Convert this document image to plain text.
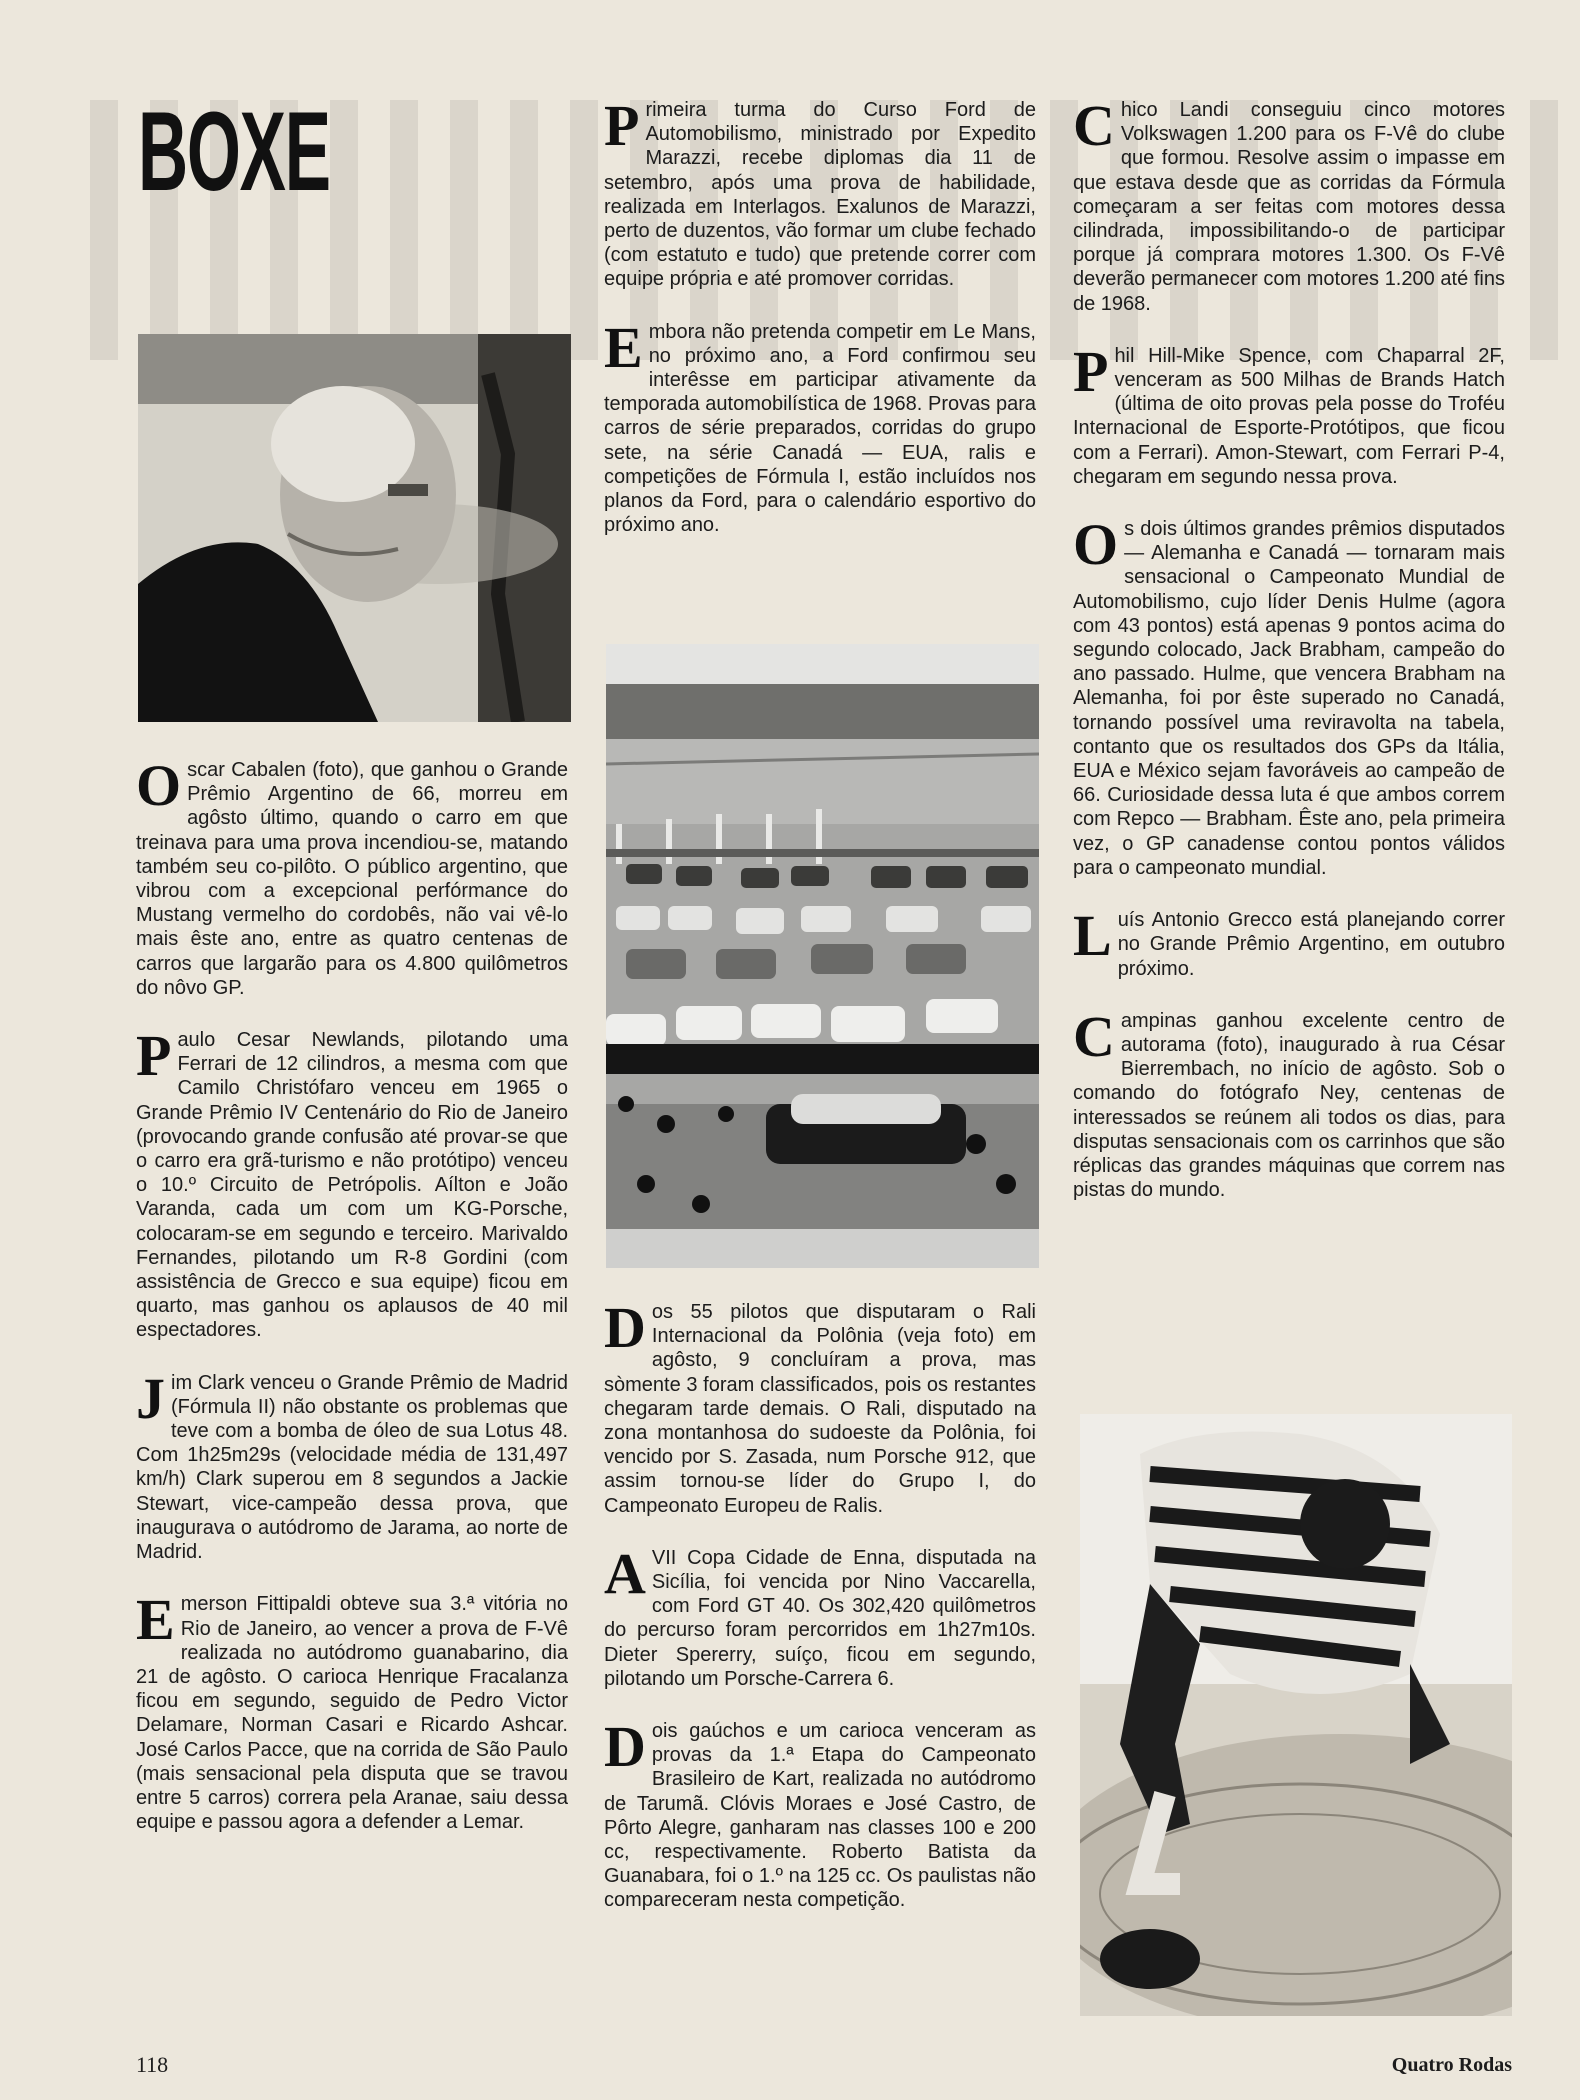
BOXE

Oscar Cabalen (foto), que ganhou o Grande Prêmio Argentino de 66, morreu em agôsto último, quando o carro em que treinava para uma prova incendiou-se, matando também seu co-pilôto. O público argentino, que vibrou com a excepcional perfórmance do Mustang vermelho do cordobês, não vai vê-lo mais êste ano, entre as quatro centenas de carros que largarão para os 4.800 quilômetros do nôvo GP.

Paulo Cesar Newlands, pilotando uma Ferrari de 12 cilindros, a mesma com que Camilo Christófaro venceu em 1965 o Grande Prêmio IV Centenário do Rio de Janeiro (provocando grande confusão até provar-se que o carro era grã-turismo e não protótipo) venceu o 10.º Circuito de Petrópolis. Aílton e João Varanda, cada um com um KG-Porsche, colocaram-se em segundo e terceiro. Marivaldo Fernandes, pilotando um R-8 Gordini (com assistência de Grecco e sua equipe) ficou em quarto, mas ganhou os aplausos de 40 mil espectadores.

Jim Clark venceu o Grande Prêmio de Madrid (Fórmula II) não obstante os problemas que teve com a bomba de óleo de sua Lotus 48. Com 1h25m29s (velocidade média de 131,497 km/h) Clark superou em 8 segundos a Jackie Stewart, vice-campeão dessa prova, que inaugurava o autódromo de Jarama, ao norte de Madrid.

Emerson Fittipaldi obteve sua 3.ª vitória no Rio de Janeiro, ao vencer a prova de F-Vê realizada no autódromo guanabarino, dia 21 de agôsto. O carioca Henrique Fracalanza ficou em segundo, seguido de Pedro Victor Delamare, Norman Casari e Ricardo Ashcar. José Carlos Pacce, que na corrida de São Paulo (mais sensacional pela disputa que se travou entre 5 carros) correra pela Aranae, saiu dessa equipe e passou agora a defender a Lemar.

Primeira turma do Curso Ford de Automobilismo, ministrado por Expedito Marazzi, recebe diplomas dia 11 de setembro, após uma prova de habilidade, realizada em Interlagos. Exalunos de Marazzi, perto de duzentos, vão formar um clube fechado (com estatuto e tudo) que pretende correr com equipe própria e até promover corridas.

Embora não pretenda competir em Le Mans, no próximo ano, a Ford confirmou seu interêsse em participar ativamente da temporada automobilística de 1968. Provas para carros de série preparados, corridas do grupo sete, na série Canadá — EUA, ralis e competições de Fórmula I, estão incluídos nos planos da Ford, para o calendário esportivo do próximo ano.

Dos 55 pilotos que disputaram o Rali Internacional da Polônia (veja foto) em agôsto, 9 concluíram a prova, mas sòmente 3 foram classificados, pois os restantes chegaram tarde demais. O Rali, disputado na zona montanhosa do sudoeste da Polônia, foi vencido por S. Zasada, num Porsche 912, que assim tornou-se líder do Grupo I, do Campeonato Europeu de Ralis.

AVII Copa Cidade de Enna, disputada na Sicília, foi vencida por Nino Vaccarella, com Ford GT 40. Os 302,420 quilômetros do percurso foram percorridos em 1h27m10s. Dieter Spererry, suíço, ficou em segundo, pilotando um Porsche-Carrera 6.

Dois gaúchos e um carioca venceram as provas da 1.ª Etapa do Campeonato Brasileiro de Kart, realizada no autódromo de Tarumã. Clóvis Moraes e José Castro, de Pôrto Alegre, ganharam nas classes 100 e 200 cc, respectivamente. Roberto Batista da Guanabara, foi o 1.º na 125 cc. Os paulistas não compareceram nesta competição.

Chico Landi conseguiu cinco motores Volkswagen 1.200 para os F-Vê do clube que formou. Resolve assim o impasse em que estava desde que as corridas da Fórmula começaram a ser feitas com motores dessa cilindrada, impossibilitando-o de participar porque já comprara motores 1.300. Os F-Vê deverão permanecer com motores 1.200 até fins de 1968.

Phil Hill-Mike Spence, com Chaparral 2F, venceram as 500 Milhas de Brands Hatch (última de oito provas pela posse do Troféu Internacional de Esporte-Protótipos, que ficou com a Ferrari). Amon-Stewart, com Ferrari P-4, chegaram em segundo nessa prova.

Os dois últimos grandes prêmios disputados — Alemanha e Canadá — tornaram mais sensacional o Campeonato Mundial de Automobilismo, cujo líder Denis Hulme (agora com 43 pontos) está apenas 9 pontos acima do segundo colocado, Jack Brabham, campeão do ano passado. Hulme, que vencera Brabham na Alemanha, foi por êste superado no Canadá, tornando possível uma reviravolta na tabela, contanto que os resultados dos GPs da Itália, EUA e México sejam favoráveis ao campeão de 66. Curiosidade dessa luta é que ambos correm com Repco — Brabham. Êste ano, pela primeira vez, o GP canadense contou pontos válidos para o campeonato mundial.

Luís Antonio Grecco está planejando correr no Grande Prêmio Argentino, em outubro próximo.

Campinas ganhou excelente centro de autorama (foto), inaugurado à rua César Bierrembach, no início de agôsto. Sob o comando do fotógrafo Ney, centenas de interessados se reúnem ali todos os dias, para disputas sensacionais com os carrinhos que são réplicas das grandes máquinas que correm nas pistas do mundo.

118	Quatro Rodas
